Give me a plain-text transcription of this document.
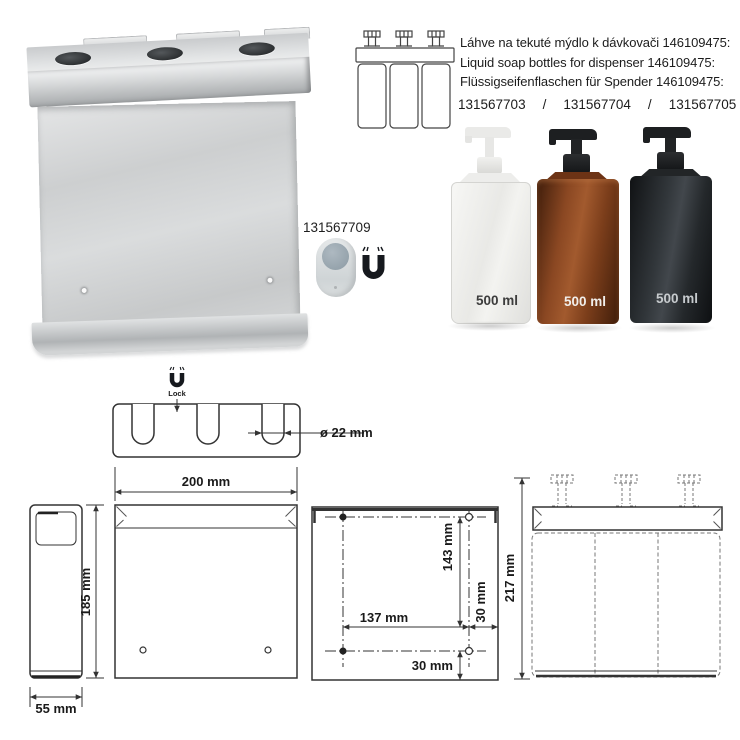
131567709
Láhve na tekuté mýdlo k dávkovači 146109475:
Liquid soap bottles for dispenser 146109475:
Flüssigseifenflaschen für Spender 146109475:
131567703 / 131567704 / 131567705
500 ml	500 ml	500 ml
Lock
ø 22 mm
200 mm
185 mm
55 mm
143 mm
137 mm	30 mm
30 mm
217 mm
